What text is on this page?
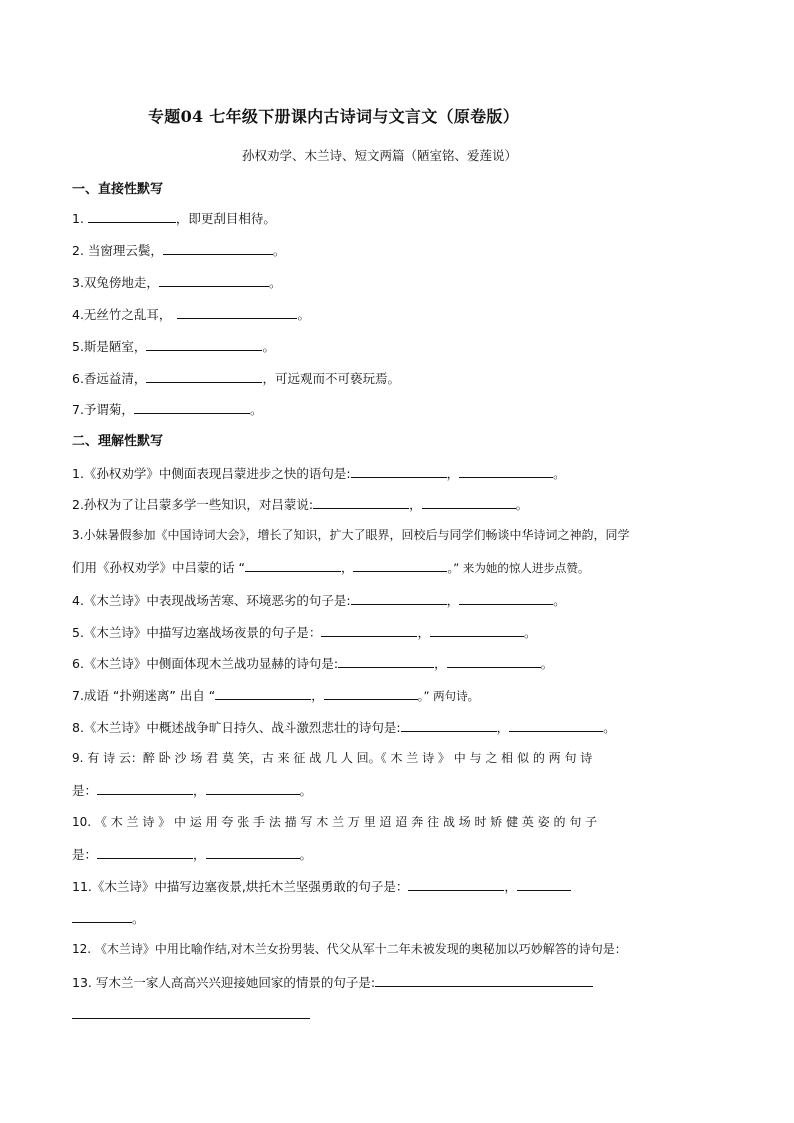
专题04 七年级下册课内古诗词与文言文（原卷版）
孙权劝学、木兰诗、短文两篇（陋室铭、爱莲说）
一、直接性默写
1.	，即更刮目相待。
2. 当窗理云鬓，	。
3.双兔傍地走，	。
4.无丝竹之乱耳，	。
5.斯是陋室，	。
6.香远益清，	，可远观而不可亵玩焉。
7.予谓菊，	。
二、理解性默写
1.《孙权劝学》中侧面表现吕蒙进步之快的语句是:	，	。
2.孙权为了让吕蒙多学一些知识，对吕蒙说:	，	。
3.小妹暑假参加《中国诗词大会》，增长了知识，扩大了眼界，回校后与同学们畅谈中华诗词之神韵，同学
们用《孙权劝学》中吕蒙的话 “	，	。” 来为她的惊人进步点赞。
4.《木兰诗》中表现战场苦寒、环境恶劣的句子是:	，	。
5.《木兰诗》中描写边塞战场夜景的句子是：	，	。
6.《木兰诗》中侧面体现木兰战功显赫的诗句是:	，	。
7.成语 “扑朔迷离” 出自 “	，	。” 两句诗。
8.《木兰诗》中概述战争旷日持久、战斗激烈悲壮的诗句是:	，	。
9. 有 诗 云：醉 卧 沙 场 君 莫 笑，古 来 征 战 几 人 回。《 木 兰 诗 》 中 与 之 相 似 的 两 句 诗
是：	，	。
10. 《 木 兰 诗 》 中 运 用 夸 张 手 法 描 写 木 兰 万 里 迢 迢 奔 往 战 场 时 矫 健 英 姿 的 句 子
是：	，	。
11.《木兰诗》中描写边塞夜景,烘托木兰坚强勇敢的句子是：	，
。
12. 《木兰诗》中用比喻作结,对木兰女扮男装、代父从军十二年未被发现的奥秘加以巧妙解答的诗句是：
13. 写木兰一家人高高兴兴迎接她回家的情景的句子是:
